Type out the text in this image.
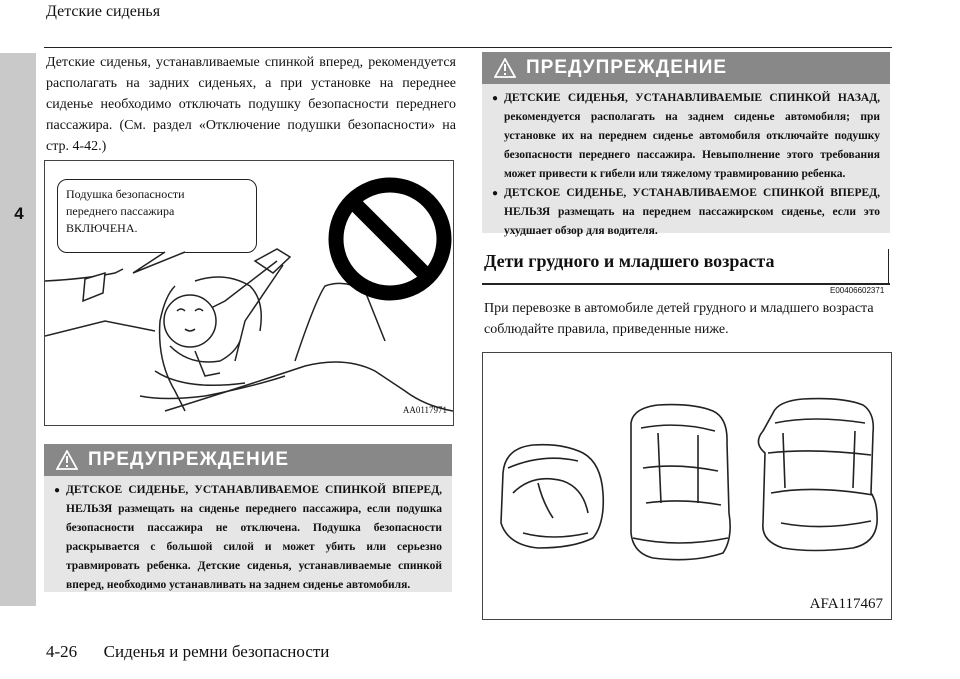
4
Детские сиденья
Детские сиденья, устанавливаемые спинкой вперед, рекомендуется располагать на задних сиденьях, а при установке на переднее сиденье необходимо отключать подушку безопасности переднего пассажира. (См. раздел «Отключение подушки безопасности» на стр. 4-42.)
Подушка безопасности
переднего пассажира
ВКЛЮЧЕНА.
AA0117971
ПРЕДУПРЕЖДЕНИЕ
● ДЕТСКОЕ СИДЕНЬЕ, УСТАНАВЛИВАЕМОЕ СПИНКОЙ ВПЕРЕД, НЕЛЬЗЯ размещать на сиденье переднего пассажира, если подушка безопасности пассажира не отключена. Подушка безопасности раскрывается с большой силой и может убить или серьезно травмировать ребенка. Детские сиденья, устанавливаемые спинкой вперед, необходимо устанавливать на заднем сиденье автомобиля.
ПРЕДУПРЕЖДЕНИЕ
● ДЕТСКИЕ СИДЕНЬЯ, УСТАНАВЛИВАЕМЫЕ СПИНКОЙ НАЗАД, рекомендуется располагать на заднем сиденье автомобиля; при установке их на переднем сиденье автомобиля отключайте подушку безопасности переднего пассажира. Невыполнение этого требования может привести к гибели или тяжелому травмированию ребенка.
● ДЕТСКОЕ СИДЕНЬЕ, УСТАНАВЛИВАЕМОЕ СПИНКОЙ ВПЕРЕД, НЕЛЬЗЯ размещать на переднем пассажирском сиденье, если это ухудшает обзор для водителя.
Дети грудного и младшего возраста
E00406602371
При перевозке в автомобиле детей грудного и младшего возраста соблюдайте правила, приведенные ниже.
AFA117467
4-26 Сиденья и ремни безопасности
